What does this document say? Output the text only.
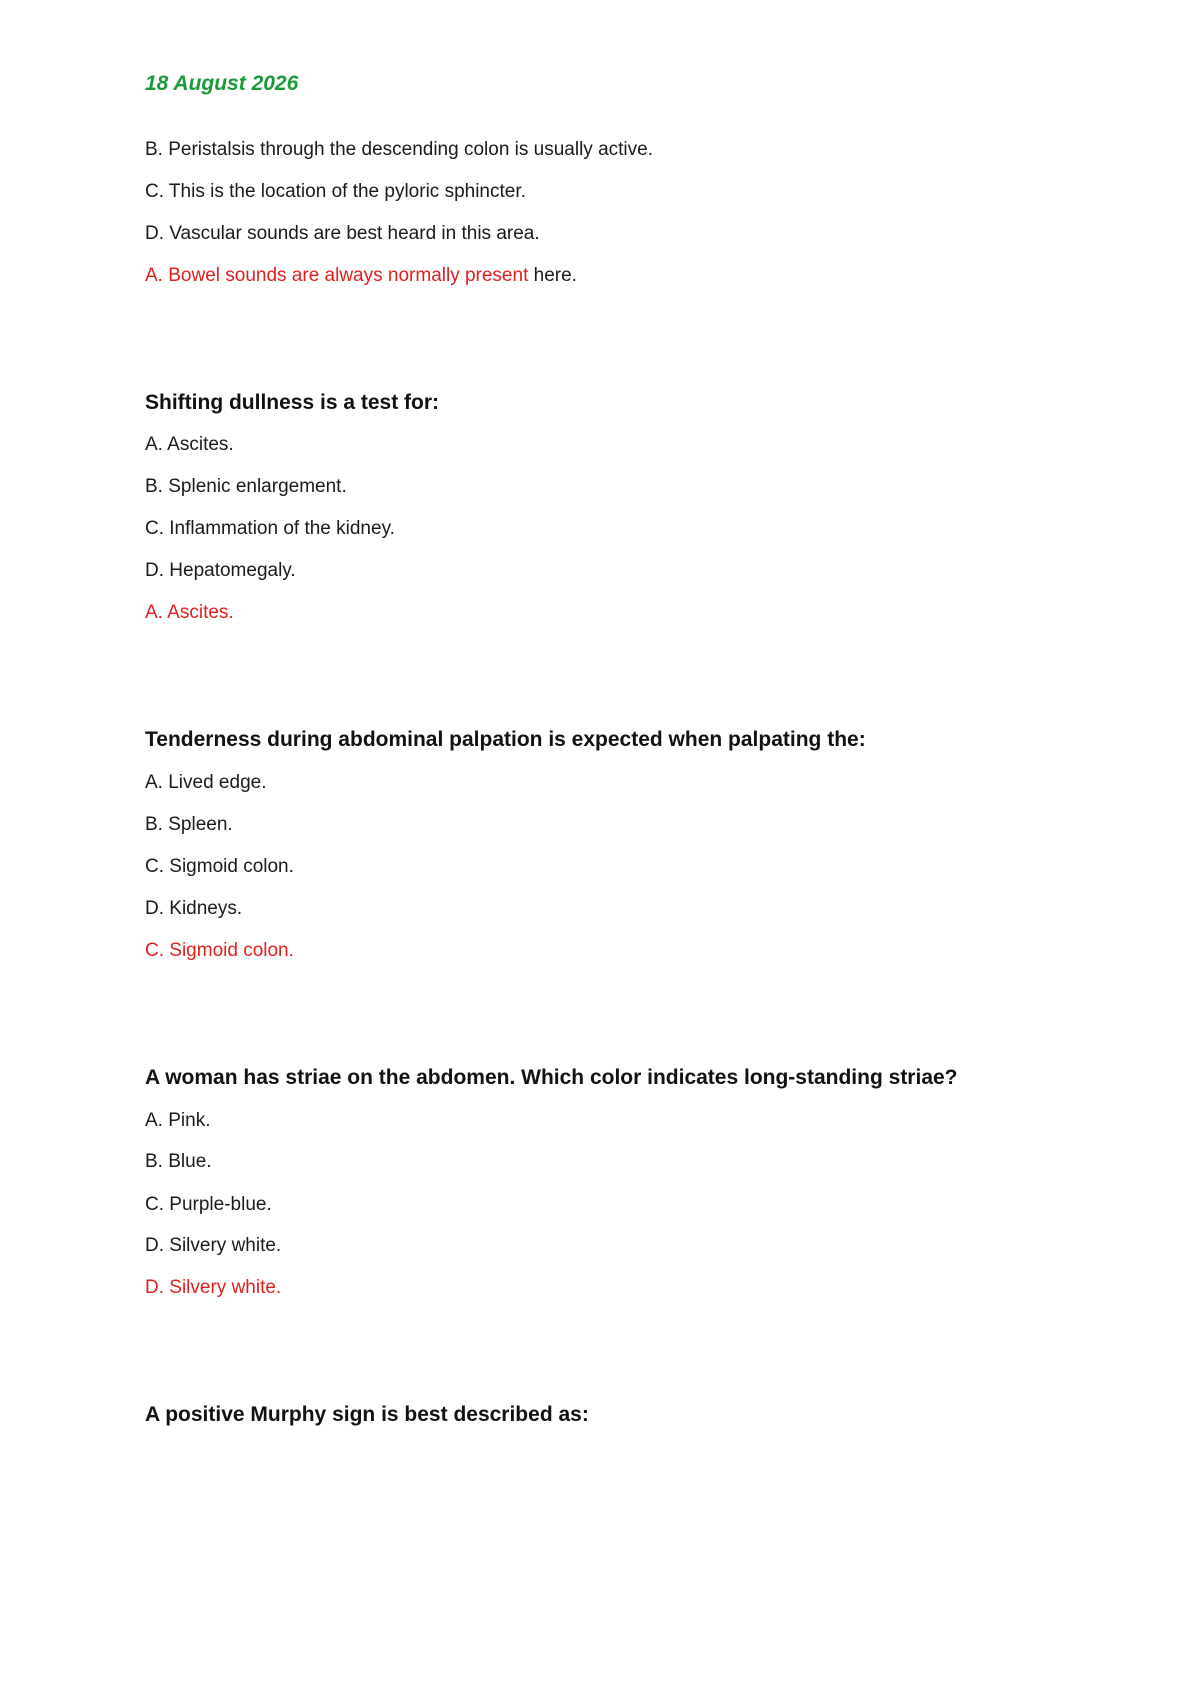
18 August 2026
B. Peristalsis through the descending colon is usually active.
C. This is the location of the pyloric sphincter.
D. Vascular sounds are best heard in this area.
A. Bowel sounds are always normally present here.
Shifting dullness is a test for:
A. Ascites.
B. Splenic enlargement.
C. Inflammation of the kidney.
D. Hepatomegaly.
A. Ascites.
Tenderness during abdominal palpation is expected when palpating the:
A. Lived edge.
B. Spleen.
C. Sigmoid colon.
D. Kidneys.
C. Sigmoid colon.
A woman has striae on the abdomen. Which color indicates long-standing striae?
A. Pink.
B. Blue.
C. Purple-blue.
D. Silvery white.
D. Silvery white.
A positive Murphy sign is best described as:
